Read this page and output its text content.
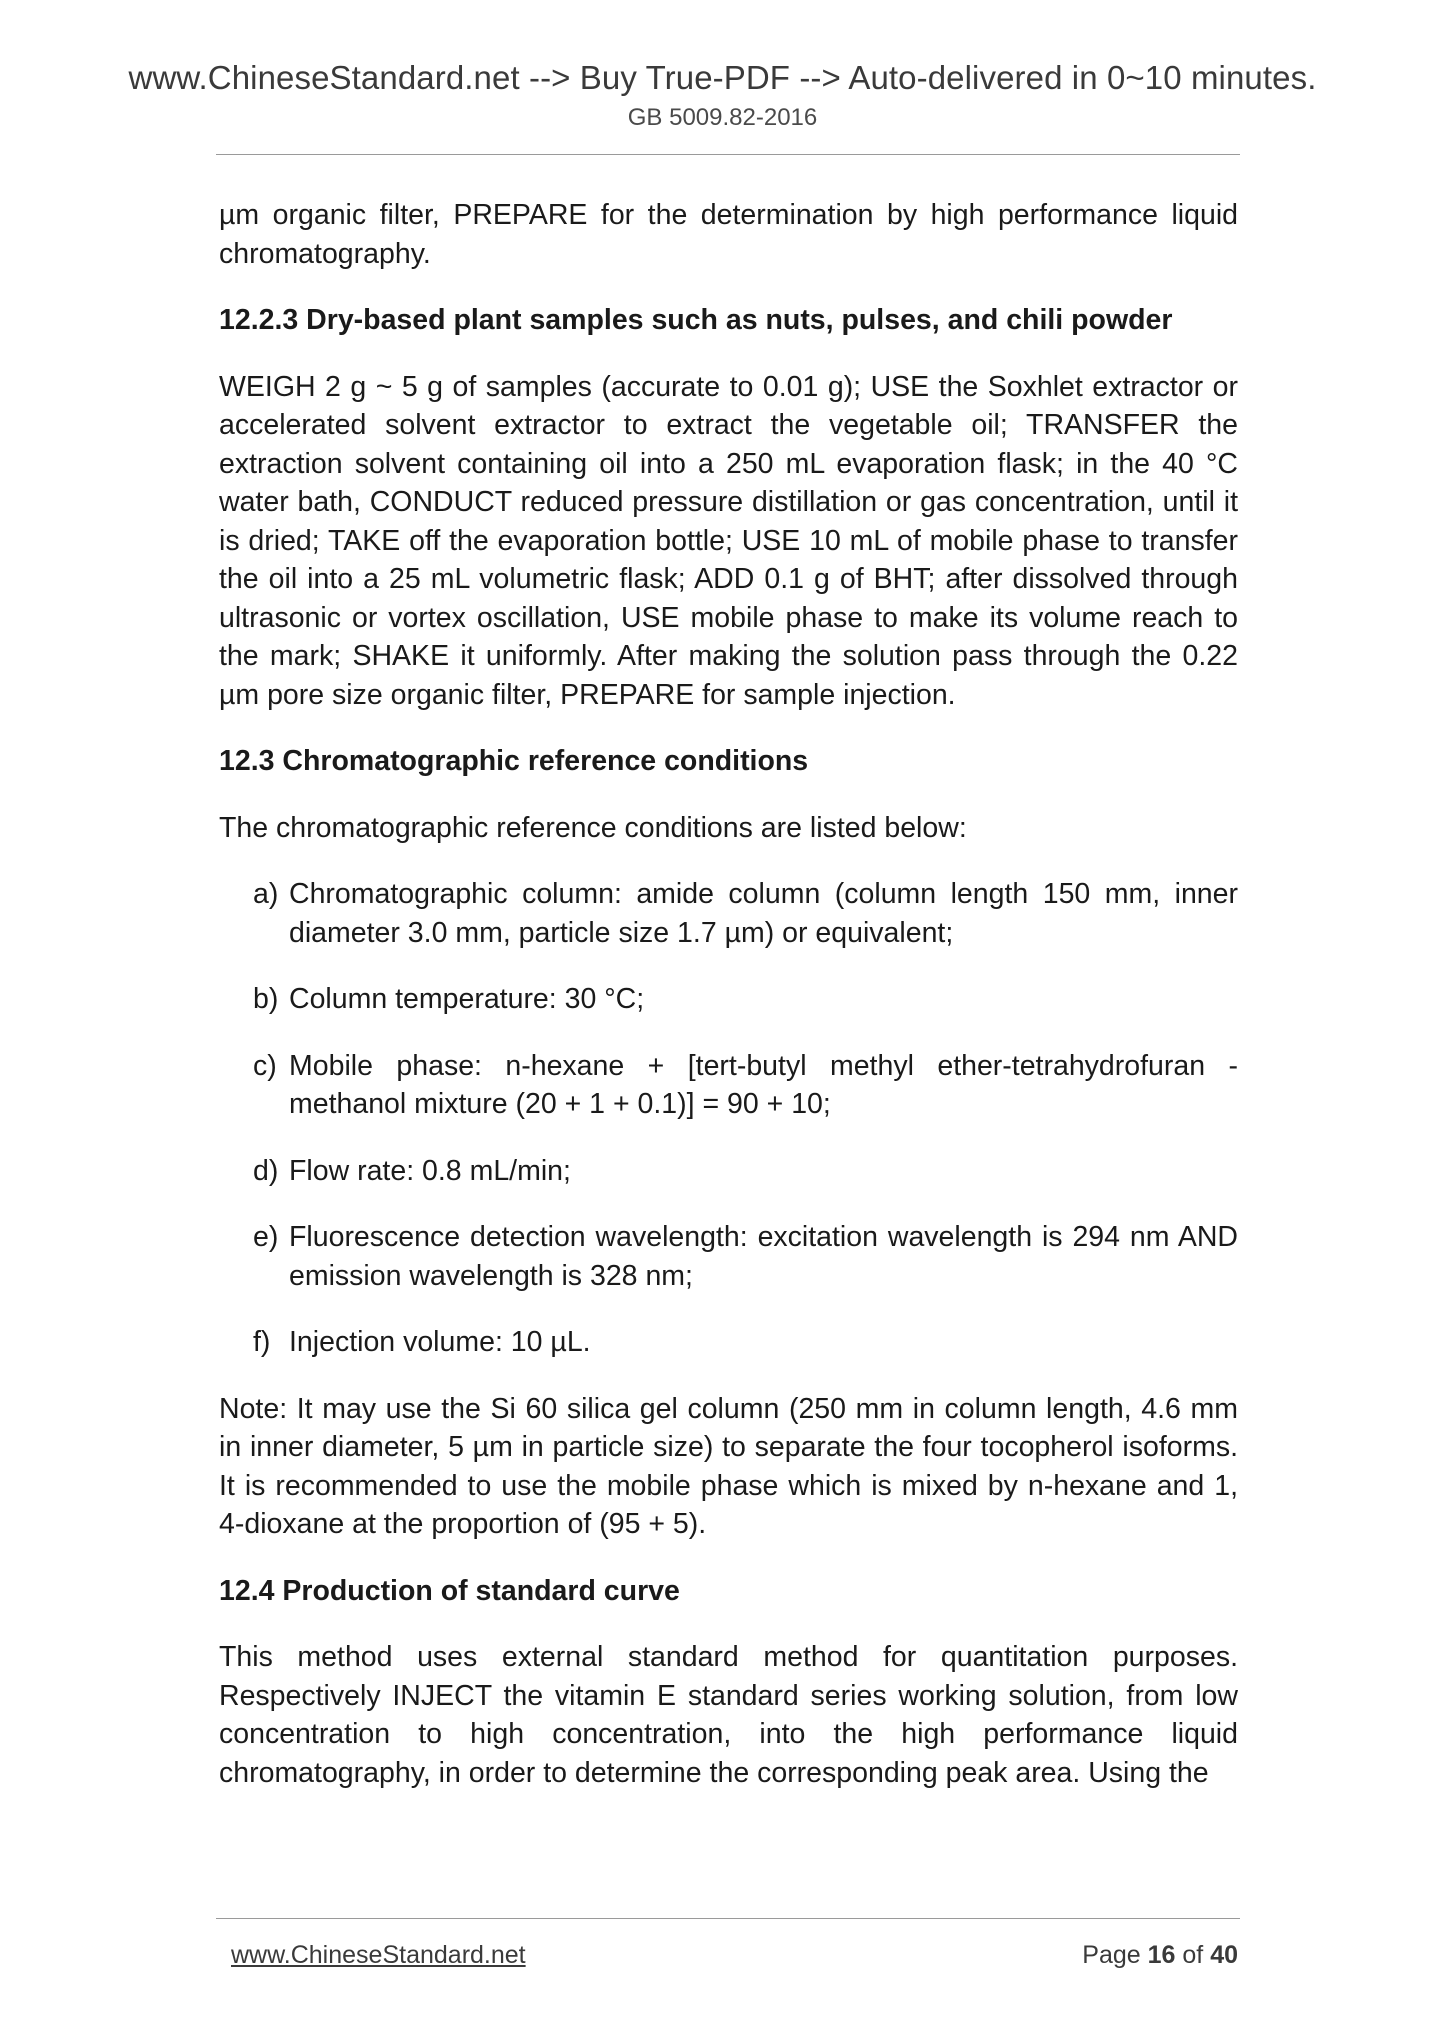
www.ChineseStandard.net --> Buy True-PDF --> Auto-delivered in 0~10 minutes.
GB 5009.82-2016

µm organic filter, PREPARE for the determination by high performance liquid chromatography.

12.2.3 Dry-based plant samples such as nuts, pulses, and chili powder

WEIGH 2 g ~ 5 g of samples (accurate to 0.01 g); USE the Soxhlet extractor or accelerated solvent extractor to extract the vegetable oil; TRANSFER the extraction solvent containing oil into a 250 mL evaporation flask; in the 40 °C water bath, CONDUCT reduced pressure distillation or gas concentration, until it is dried; TAKE off the evaporation bottle; USE 10 mL of mobile phase to transfer the oil into a 25 mL volumetric flask; ADD 0.1 g of BHT; after dissolved through ultrasonic or vortex oscillation, USE mobile phase to make its volume reach to the mark; SHAKE it uniformly. After making the solution pass through the 0.22 µm pore size organic filter, PREPARE for sample injection.

12.3 Chromatographic reference conditions

The chromatographic reference conditions are listed below:

a) Chromatographic column: amide column (column length 150 mm, inner diameter 3.0 mm, particle size 1.7 µm) or equivalent;
b) Column temperature: 30 °C;
c) Mobile phase: n-hexane + [tert-butyl methyl ether-tetrahydrofuran - methanol mixture (20 + 1 + 0.1)] = 90 + 10;
d) Flow rate: 0.8 mL/min;
e) Fluorescence detection wavelength: excitation wavelength is 294 nm AND emission wavelength is 328 nm;
f) Injection volume: 10 µL.

Note: It may use the Si 60 silica gel column (250 mm in column length, 4.6 mm in inner diameter, 5 µm in particle size) to separate the four tocopherol isoforms. It is recommended to use the mobile phase which is mixed by n-hexane and 1, 4-dioxane at the proportion of (95 + 5).

12.4 Production of standard curve

This method uses external standard method for quantitation purposes. Respectively INJECT the vitamin E standard series working solution, from low concentration to high concentration, into the high performance liquid chromatography, in order to determine the corresponding peak area. Using the

www.ChineseStandard.net	Page 16 of 40
